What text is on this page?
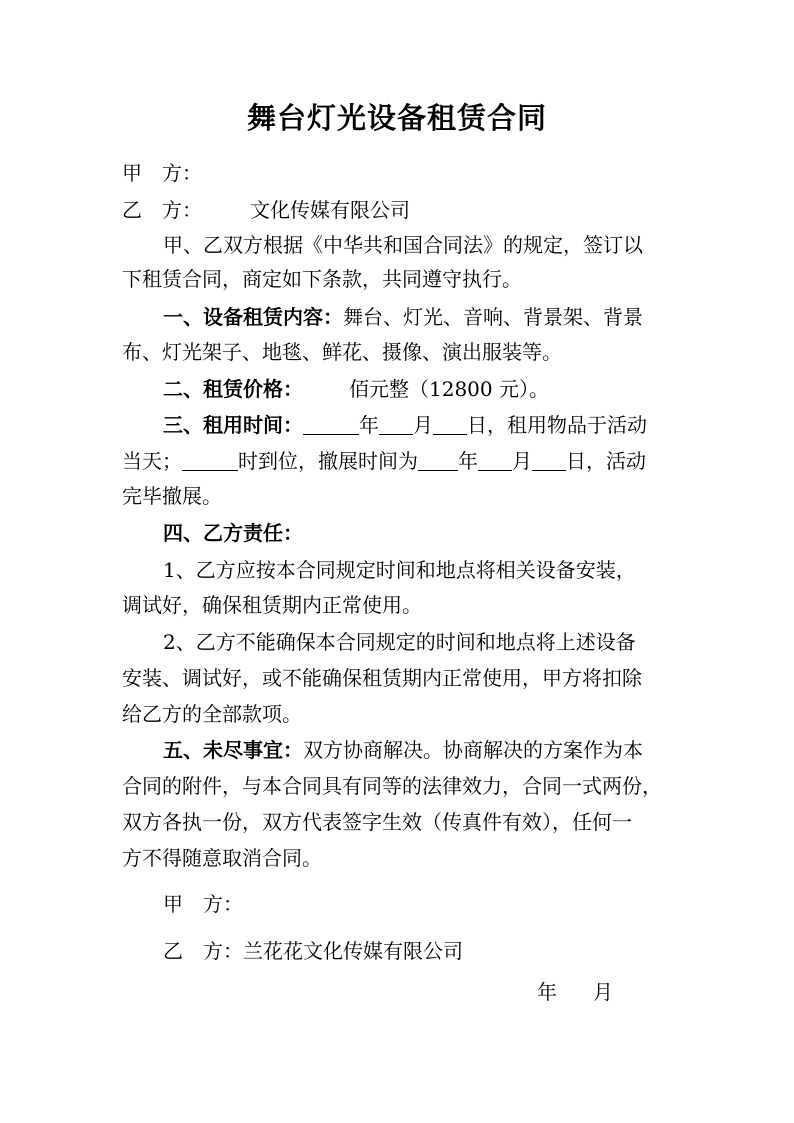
舞台灯光设备租赁合同
甲　方：
乙　方： 文化传媒有限公司
甲、乙双方根据《中华共和国合同法》的规定，签订以
下租赁合同，商定如下条款，共同遵守执行。
一、设备租赁内容：舞台、灯光、音响、背景架、背景
布、灯光架子、地毯、鲜花、摄像、演出服装等。
二、租赁价格： 佰元整（12800 元）。
三、租用时间：	年 月 日，租用物品于活动
当天；	时到位，撤展时间为 年 月 日，活动
完毕撤展。
四、乙方责任：
1、乙方应按本合同规定时间和地点将相关设备安装，
调试好，确保租赁期内正常使用。
2、乙方不能确保本合同规定的时间和地点将上述设备
安装、调试好，或不能确保租赁期内正常使用，甲方将扣除
给乙方的全部款项。
五、未尽事宜：双方协商解决。协商解决的方案作为本
合同的附件，与本合同具有同等的法律效力，合同一式两份，
双方各执一份，双方代表签字生效（传真件有效），任何一
方不得随意取消合同。
甲　方：
乙　方：兰花花文化传媒有限公司
年 月
